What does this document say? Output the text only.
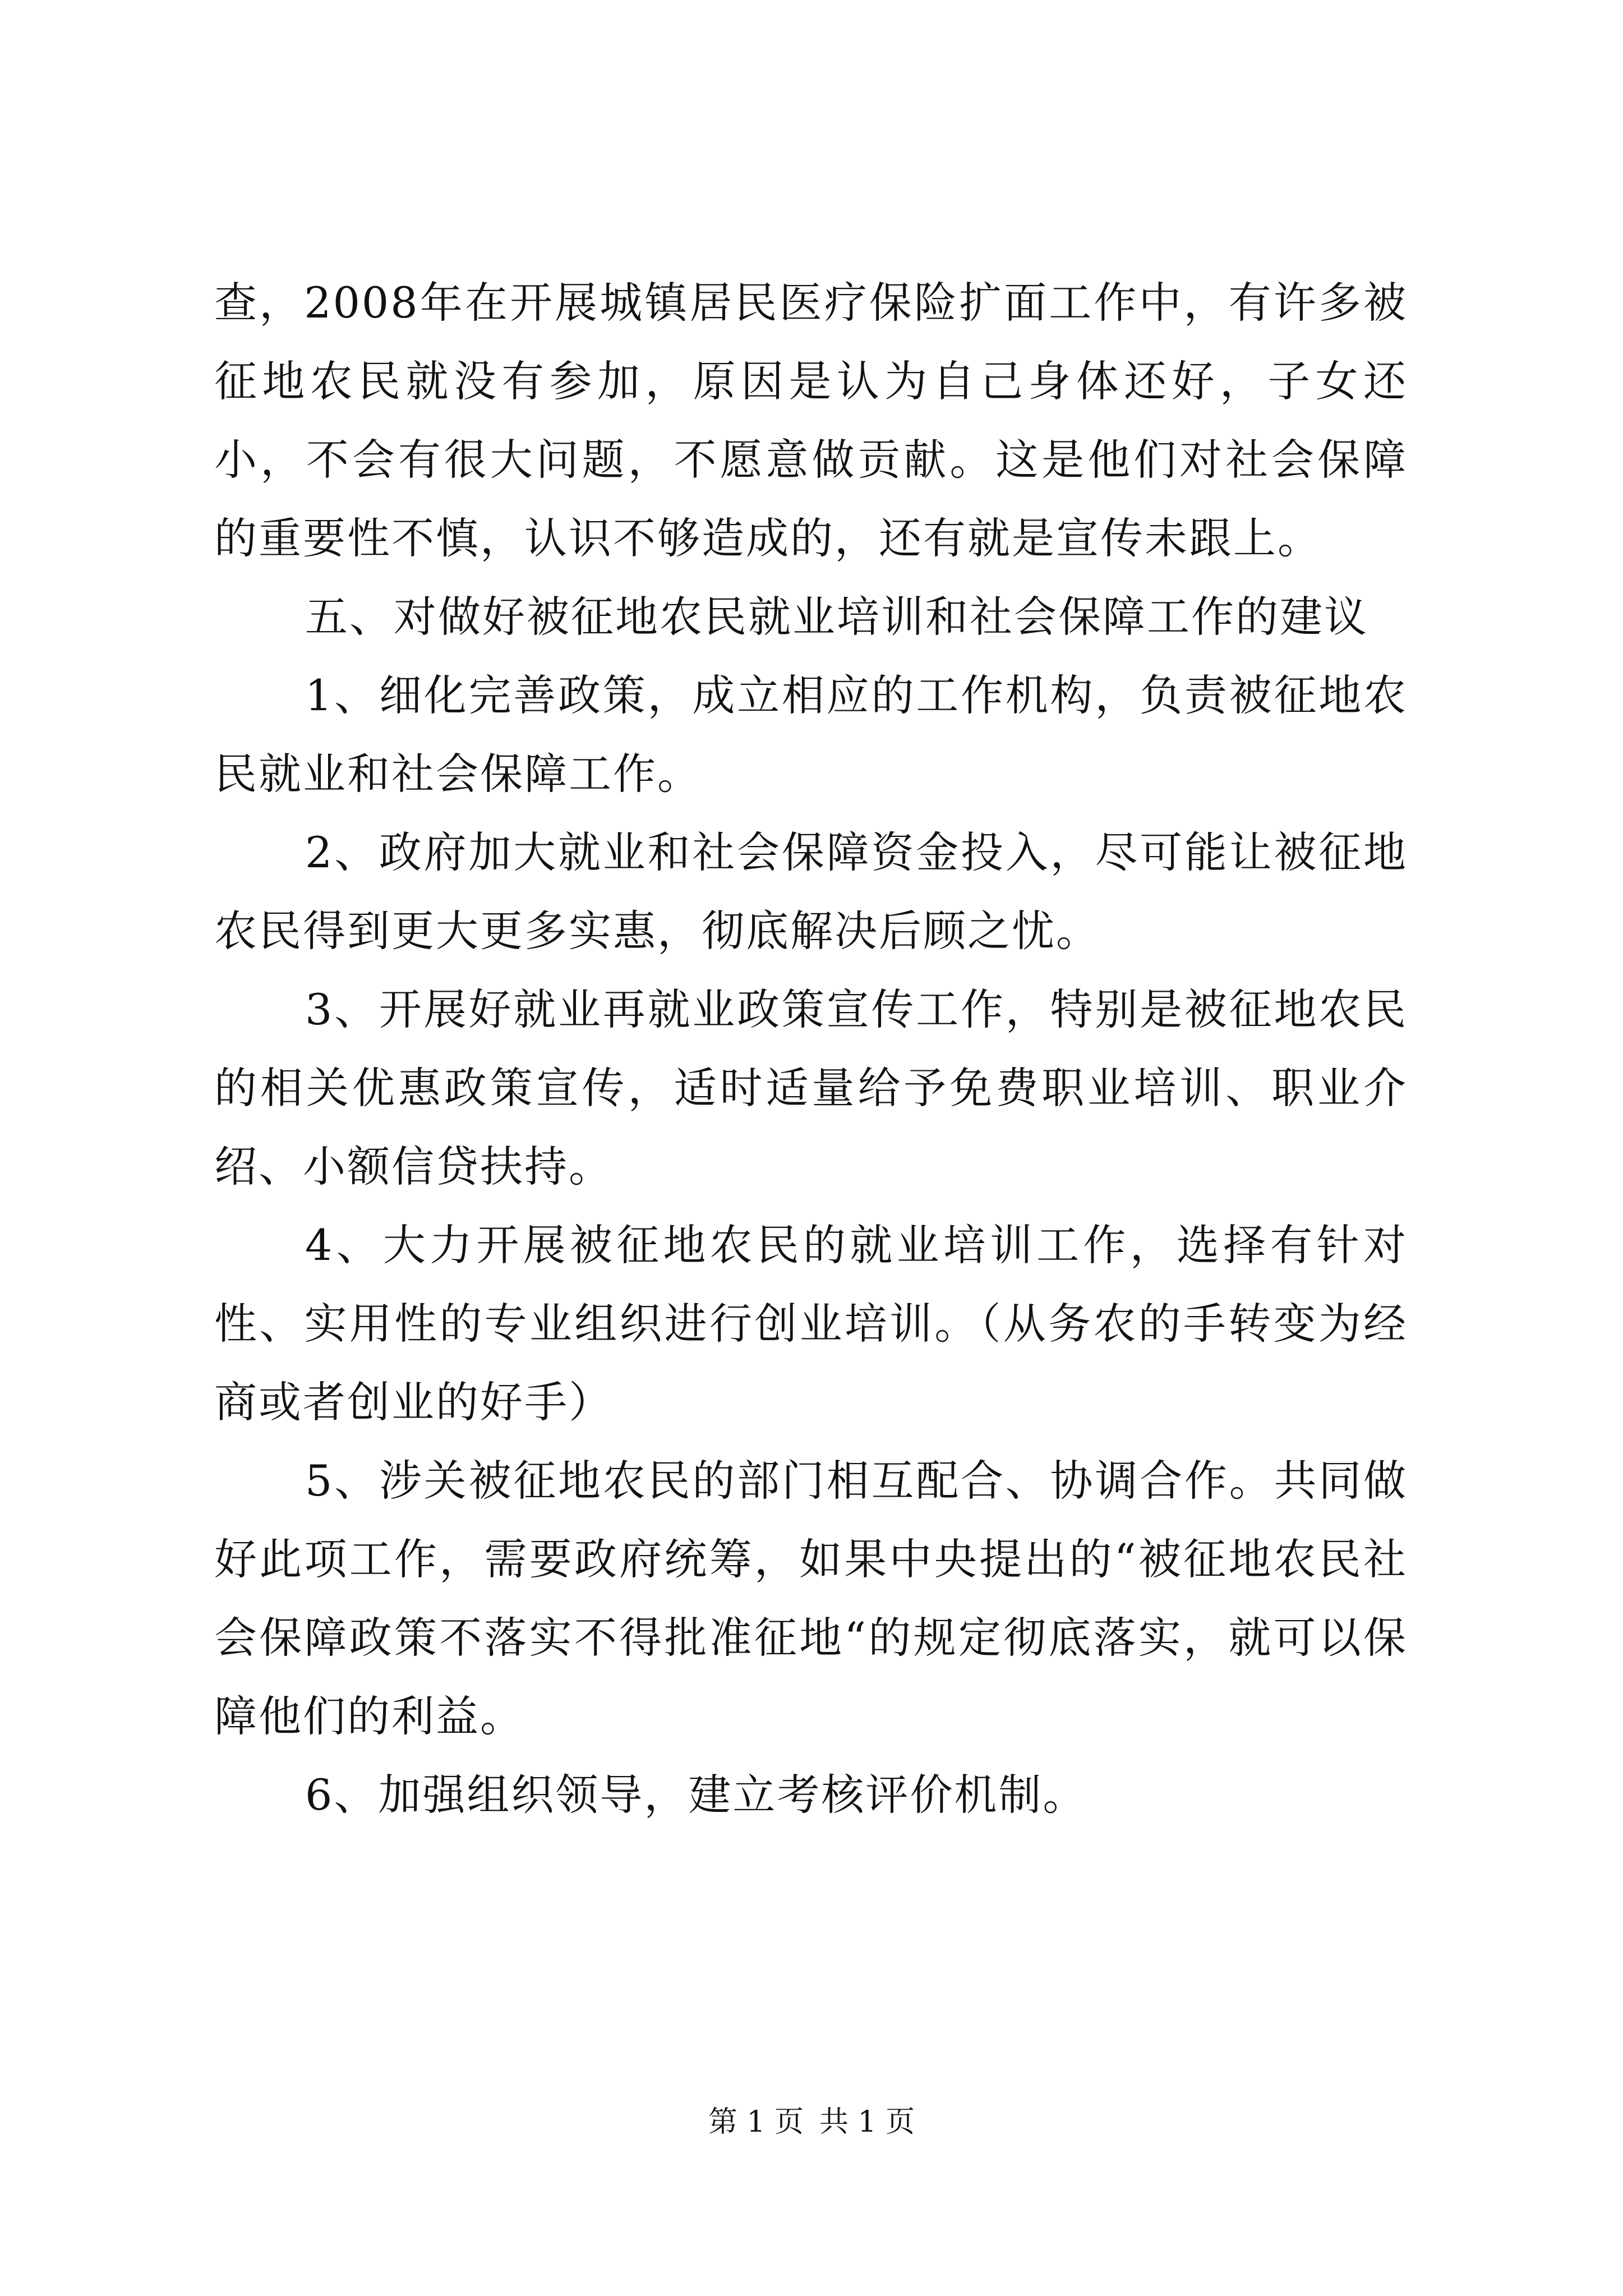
查，2008年在开展城镇居民医疗保险扩面工作中，有许多被征地农民就没有参加，原因是认为自己身体还好，子女还小，不会有很大问题，不愿意做贡献。这是他们对社会保障的重要性不慎，认识不够造成的，还有就是宣传未跟上。

五、对做好被征地农民就业培训和社会保障工作的建议

1、细化完善政策，成立相应的工作机构，负责被征地农民就业和社会保障工作。

2、政府加大就业和社会保障资金投入，尽可能让被征地农民得到更大更多实惠，彻底解决后顾之忧。

3、开展好就业再就业政策宣传工作，特别是被征地农民的相关优惠政策宣传，适时适量给予免费职业培训、职业介绍、小额信贷扶持。

4、大力开展被征地农民的就业培训工作，选择有针对性、实用性的专业组织进行创业培训。（从务农的手转变为经商或者创业的好手）

5、涉关被征地农民的部门相互配合、协调合作。共同做好此项工作，需要政府统筹，如果中央提出的“被征地农民社会保障政策不落实不得批准征地“的规定彻底落实，就可以保障他们的利益。

6、加强组织领导，建立考核评价机制。

第 1 页 共 1 页
